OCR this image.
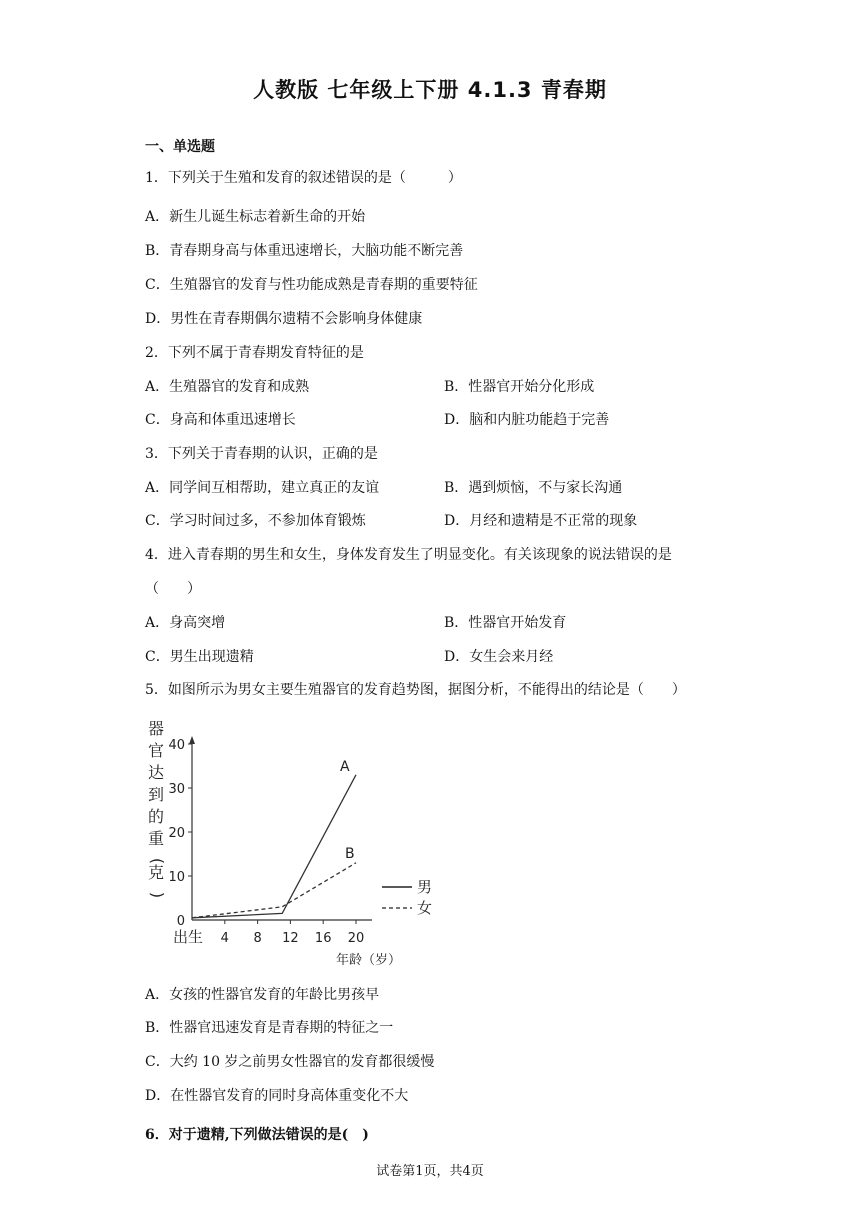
人教版 七年级上下册 4.1.3 青春期
一、单选题
1．下列关于生殖和发育的叙述错误的是（　　　）
A．新生儿诞生标志着新生命的开始
B．青春期身高与体重迅速增长，大脑功能不断完善
C．生殖器官的发育与性功能成熟是青春期的重要特征
D．男性在青春期偶尔遗精不会影响身体健康
2．下列不属于青春期发育特征的是
A．生殖器官的发育和成熟	B．性器官开始分化形成
C．身高和体重迅速增长	D．脑和内脏功能趋于完善
3．下列关于青春期的认识，正确的是
A．同学间互相帮助，建立真正的友谊	B．遇到烦恼，不与家长沟通
C．学习时间过多，不参加体育锻炼	D．月经和遗精是不正常的现象
4．进入青春期的男生和女生，身体发育发生了明显变化。有关该现象的说法错误的是
（　　）
A．身高突增	B．性器官开始发育
C．男生出现遗精	D．女生会来月经
5．如图所示为男女主要生殖器官的发育趋势图，据图分析，不能得出的结论是（　　）
器
官
达
到
的
重
(
克
)
0
10
20
30
40
出生 4 8 12 16 20
A
B
年龄（岁）
男
女
A．女孩的性器官发育的年龄比男孩早
B．性器官迅速发育是青春期的特征之一
C．大约 10 岁之前男女性器官的发育都很缓慢
D．在性器官发育的同时身高体重变化不大
6．对于遗精,下列做法错误的是(　)
试卷第1页，共4页
